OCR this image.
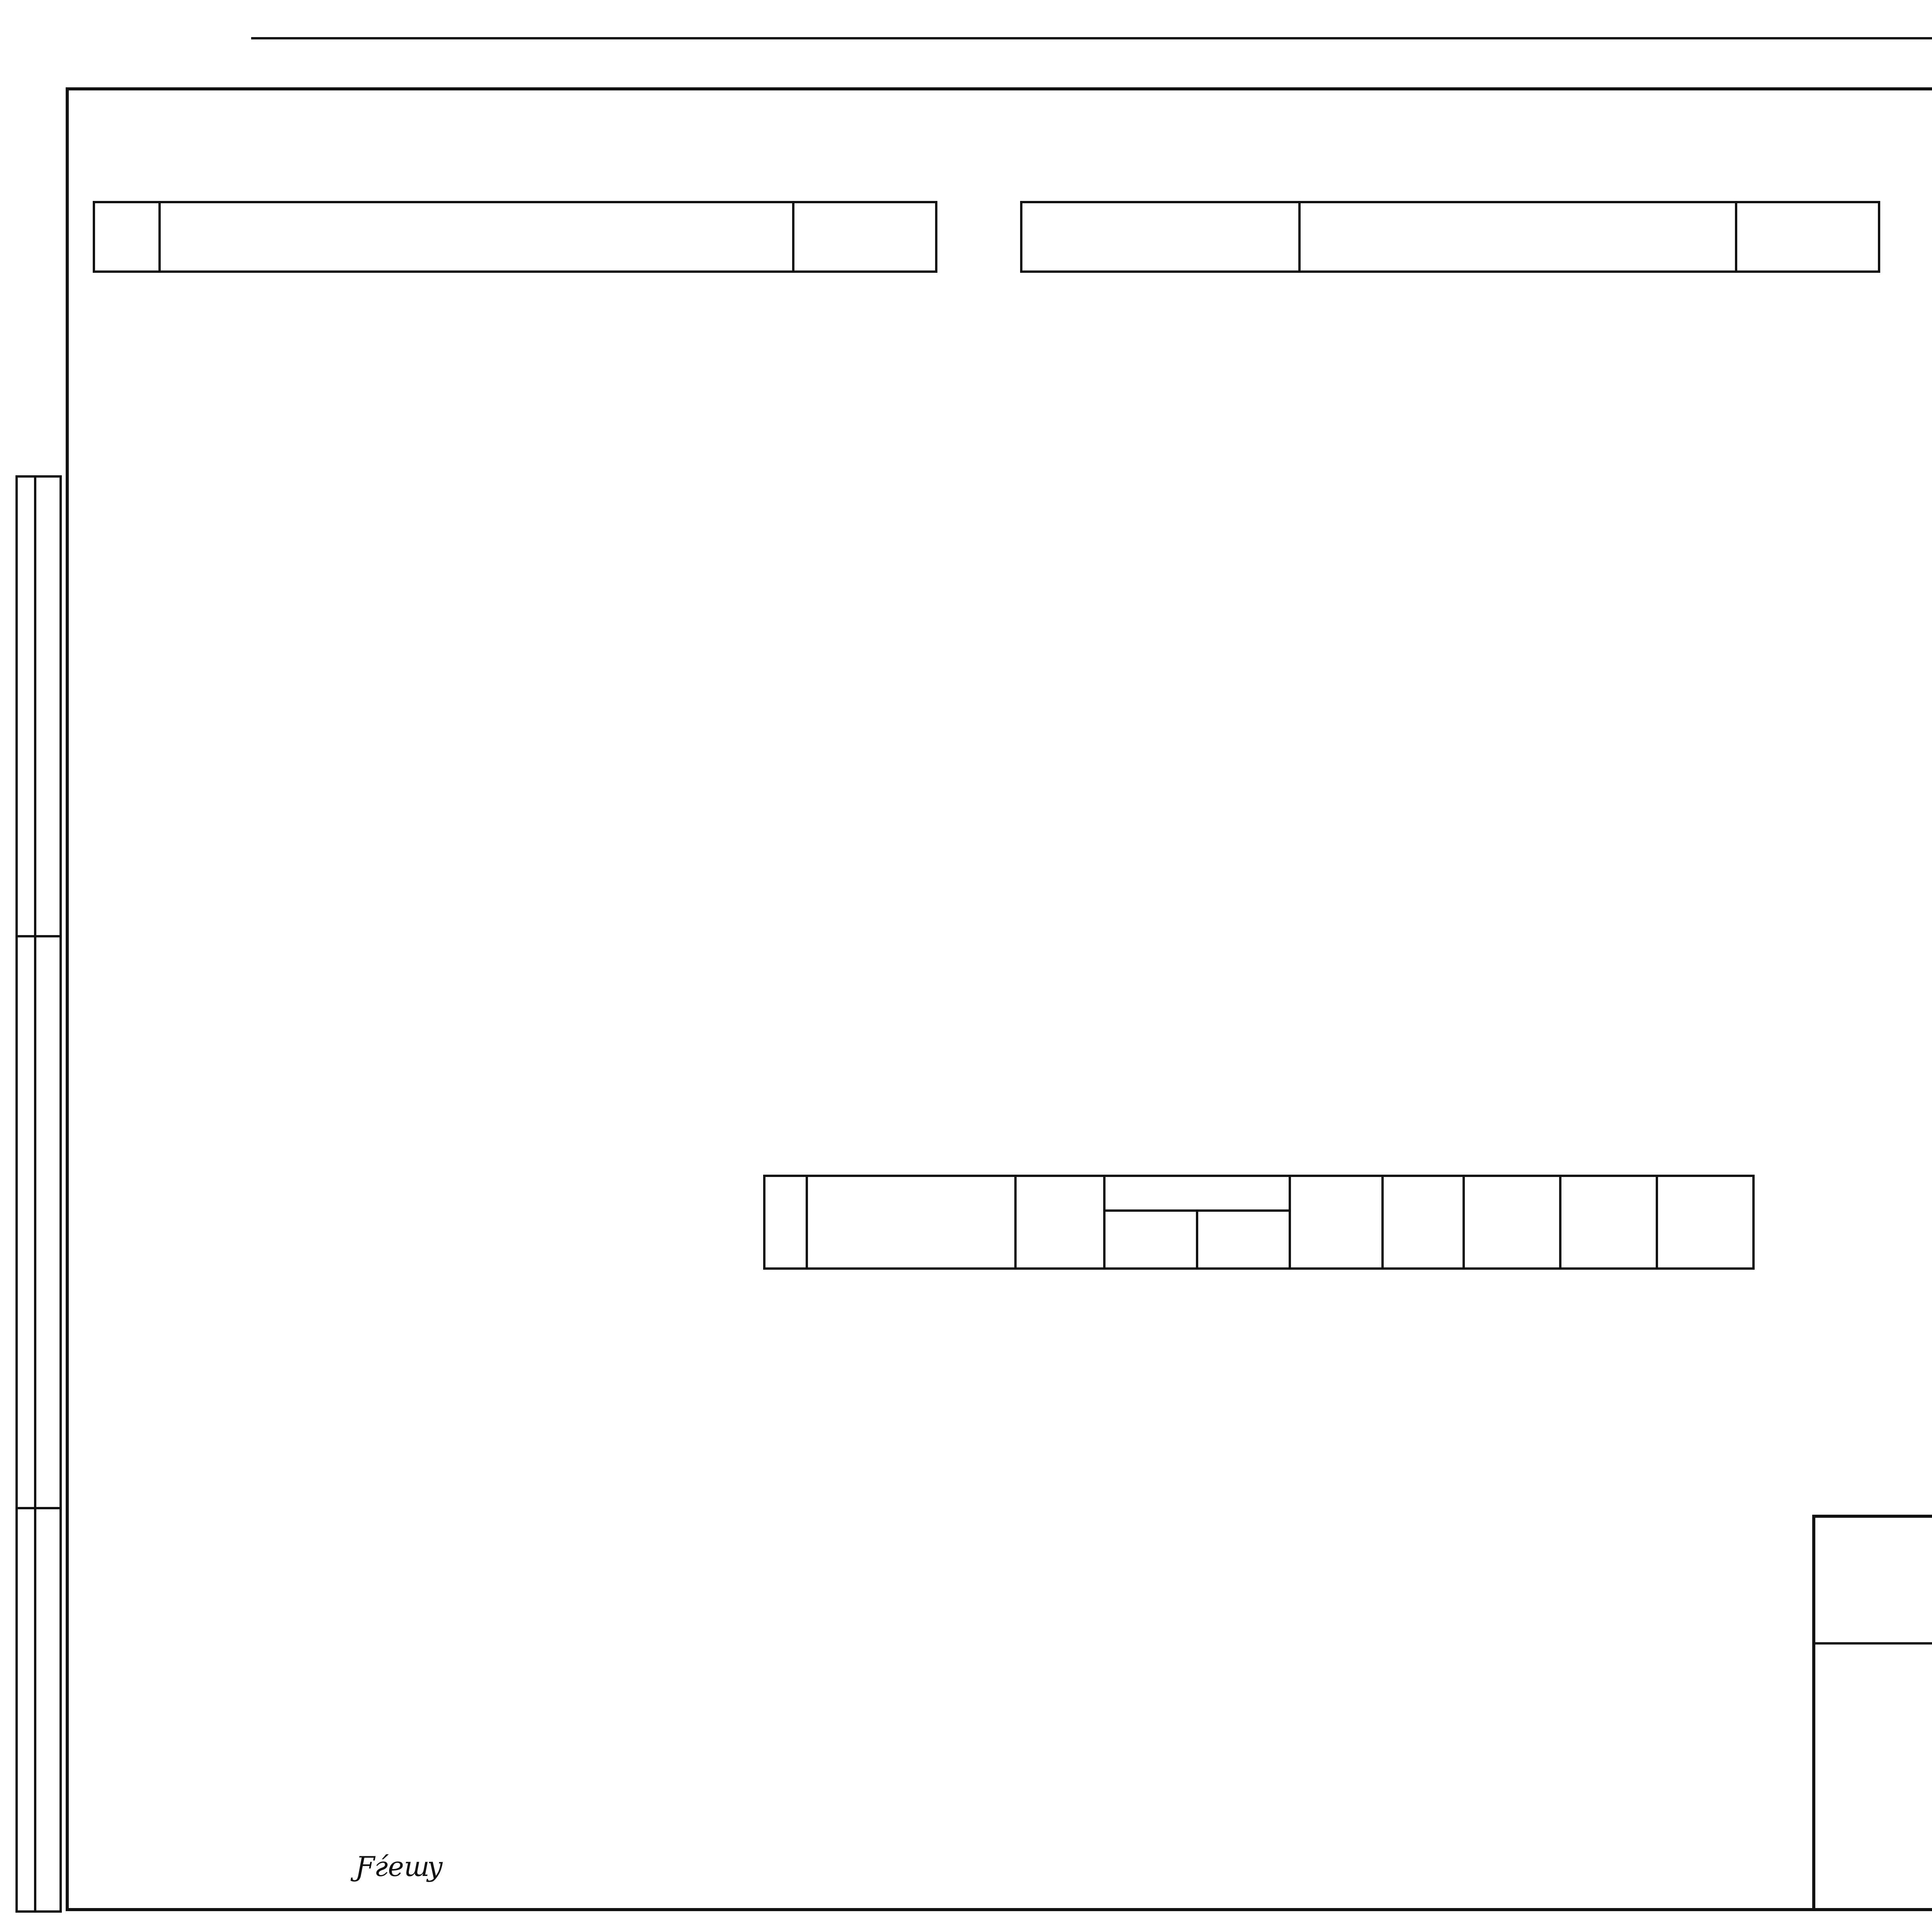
Ƒѓешу
